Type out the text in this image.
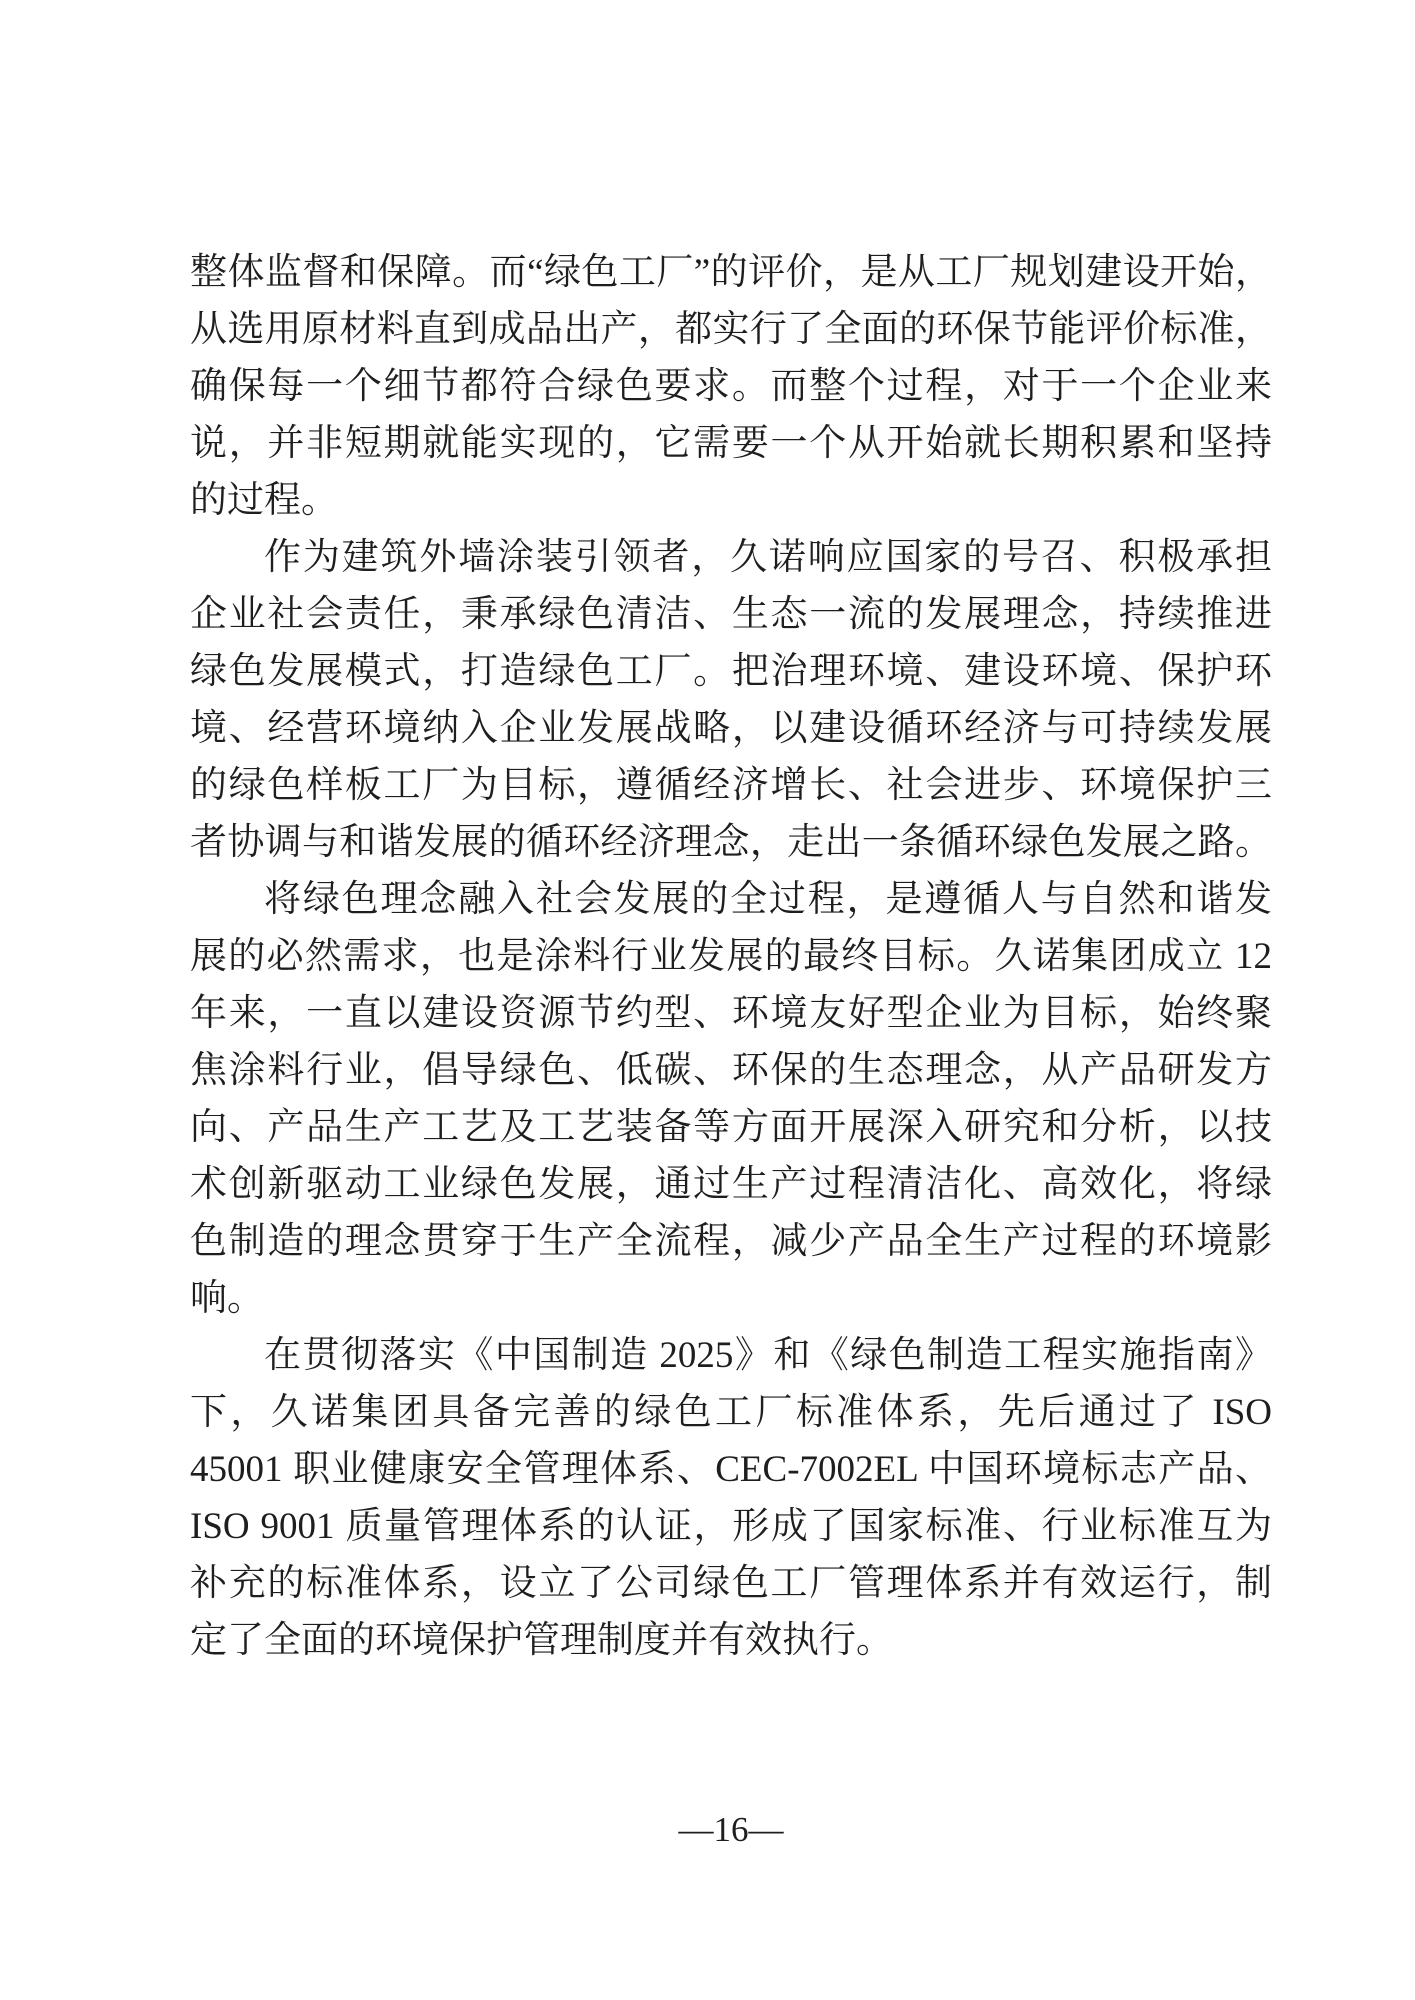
整体监督和保障。而“绿色工厂”的评价，是从工厂规划建设开始，
从选用原材料直到成品出产，都实行了全面的环保节能评价标准，
确保每一个细节都符合绿色要求。而整个过程，对于一个企业来
说，并非短期就能实现的，它需要一个从开始就长期积累和坚持
的过程。
作为建筑外墙涂装引领者，久诺响应国家的号召、积极承担
企业社会责任，秉承绿色清洁、生态一流的发展理念，持续推进
绿色发展模式，打造绿色工厂。把治理环境、建设环境、保护环
境、经营环境纳入企业发展战略，以建设循环经济与可持续发展
的绿色样板工厂为目标，遵循经济增长、社会进步、环境保护三
者协调与和谐发展的循环经济理念，走出一条循环绿色发展之路。
将绿色理念融入社会发展的全过程，是遵循人与自然和谐发
展的必然需求，也是涂料行业发展的最终目标。久诺集团成立 12
年来，一直以建设资源节约型、环境友好型企业为目标，始终聚
焦涂料行业，倡导绿色、低碳、环保的生态理念，从产品研发方
向、产品生产工艺及工艺装备等方面开展深入研究和分析，以技
术创新驱动工业绿色发展，通过生产过程清洁化、高效化，将绿
色制造的理念贯穿于生产全流程，减少产品全生产过程的环境影
响。
在贯彻落实《中国制造 2025》和《绿色制造工程实施指南》
下，久诺集团具备完善的绿色工厂标准体系，先后通过了 ISO
45001 职业健康安全管理体系、CEC-7002EL 中国环境标志产品、
ISO 9001 质量管理体系的认证，形成了国家标准、行业标准互为
补充的标准体系，设立了公司绿色工厂管理体系并有效运行，制
定了全面的环境保护管理制度并有效执行。
—16—
